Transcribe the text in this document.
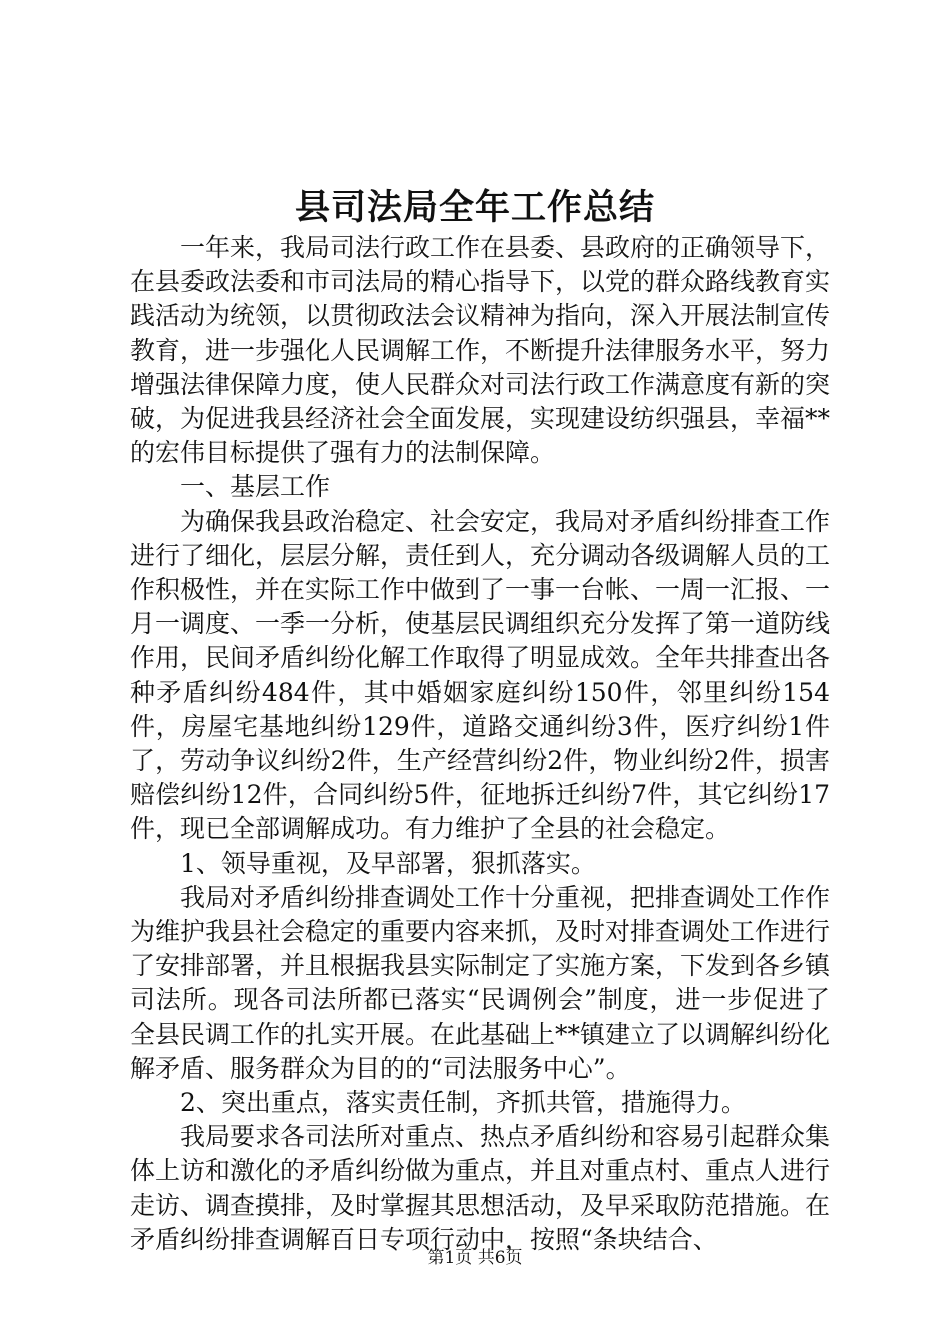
县司法局全年工作总结

一年来，我局司法行政工作在县委、县政府的正确领导下，在县委政法委和市司法局的精心指导下，以党的群众路线教育实践活动为统领，以贯彻政法会议精神为指向，深入开展法制宣传教育，进一步强化人民调解工作，不断提升法律服务水平，努力增强法律保障力度，使人民群众对司法行政工作满意度有新的突破，为促进我县经济社会全面发展，实现建设纺织强县，幸福**的宏伟目标提供了强有力的法制保障。

一、基层工作

为确保我县政治稳定、社会安定，我局对矛盾纠纷排查工作进行了细化，层层分解，责任到人，充分调动各级调解人员的工作积极性，并在实际工作中做到了一事一台帐、一周一汇报、一月一调度、一季一分析，使基层民调组织充分发挥了第一道防线作用，民间矛盾纠纷化解工作取得了明显成效。全年共排查出各种矛盾纠纷484件，其中婚姻家庭纠纷150件，邻里纠纷154件，房屋宅基地纠纷129件，道路交通纠纷3件，医疗纠纷1件了，劳动争议纠纷2件，生产经营纠纷2件，物业纠纷2件，损害赔偿纠纷12件，合同纠纷5件，征地拆迁纠纷7件，其它纠纷17件，现已全部调解成功。有力维护了全县的社会稳定。

1、领导重视，及早部署，狠抓落实。

我局对矛盾纠纷排查调处工作十分重视，把排查调处工作作为维护我县社会稳定的重要内容来抓，及时对排查调处工作进行了安排部署，并且根据我县实际制定了实施方案，下发到各乡镇司法所。现各司法所都已落实“民调例会”制度，进一步促进了全县民调工作的扎实开展。在此基础上**镇建立了以调解纠纷化解矛盾、服务群众为目的的“司法服务中心”。

2、突出重点，落实责任制，齐抓共管，措施得力。

我局要求各司法所对重点、热点矛盾纠纷和容易引起群众集体上访和激化的矛盾纠纷做为重点，并且对重点村、重点人进行走访、调查摸排，及时掌握其思想活动，及早采取防范措施。在矛盾纠纷排查调解百日专项行动中，按照“条块结合、

第1页 共6页
